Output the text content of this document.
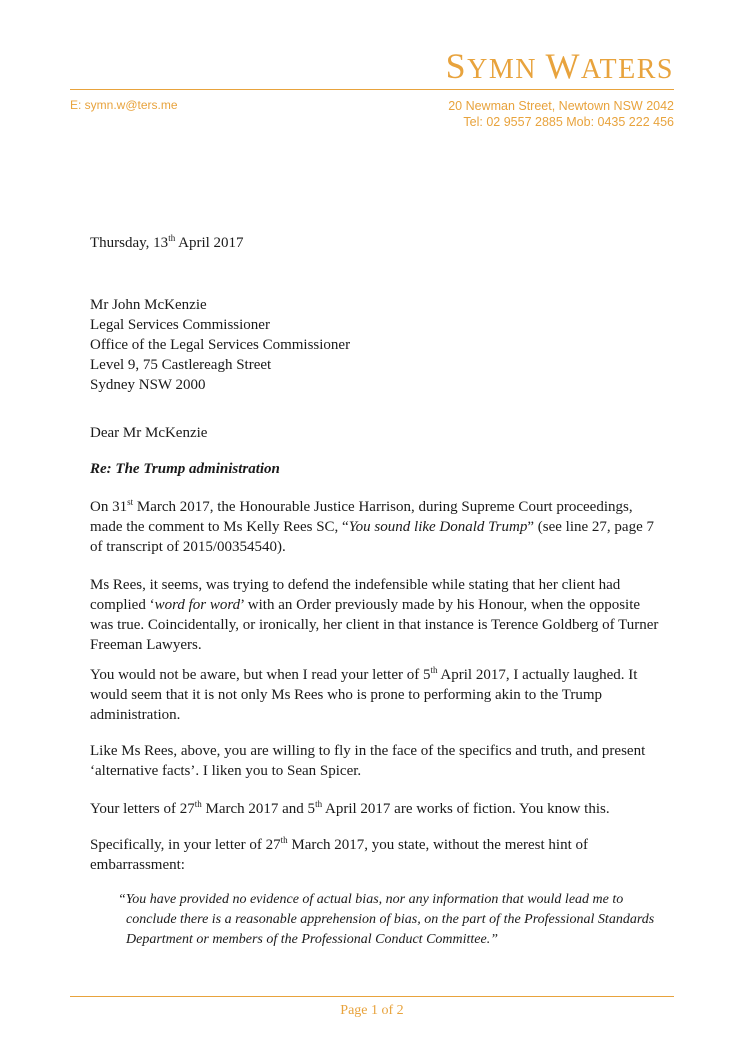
SYMN WATERS
E: symn.w@ters.me	20 Newman Street, Newtown NSW 2042
Tel: 02 9557 2885 Mob: 0435 222 456

Thursday, 13th April 2017

Mr John McKenzie
Legal Services Commissioner
Office of the Legal Services Commissioner
Level 9, 75 Castlereagh Street
Sydney NSW 2000

Dear Mr McKenzie

Re: The Trump administration

On 31st March 2017, the Honourable Justice Harrison, during Supreme Court proceedings, made the comment to Ms Kelly Rees SC, “You sound like Donald Trump” (see line 27, page 7 of transcript of 2015/00354540).

Ms Rees, it seems, was trying to defend the indefensible while stating that her client had complied ‘word for word’ with an Order previously made by his Honour, when the opposite was true. Coincidentally, or ironically, her client in that instance is Terence Goldberg of Turner Freeman Lawyers.

You would not be aware, but when I read your letter of 5th April 2017, I actually laughed. It would seem that it is not only Ms Rees who is prone to performing akin to the Trump administration.

Like Ms Rees, above, you are willing to fly in the face of the specifics and truth, and present ‘alternative facts’. I liken you to Sean Spicer.

Your letters of 27th March 2017 and 5th April 2017 are works of fiction. You know this.

Specifically, in your letter of 27th March 2017, you state, without the merest hint of embarrassment:

“You have provided no evidence of actual bias, nor any information that would lead me to
conclude there is a reasonable apprehension of bias, on the part of the Professional Standards
Department or members of the Professional Conduct Committee.”
Page 1 of 2
